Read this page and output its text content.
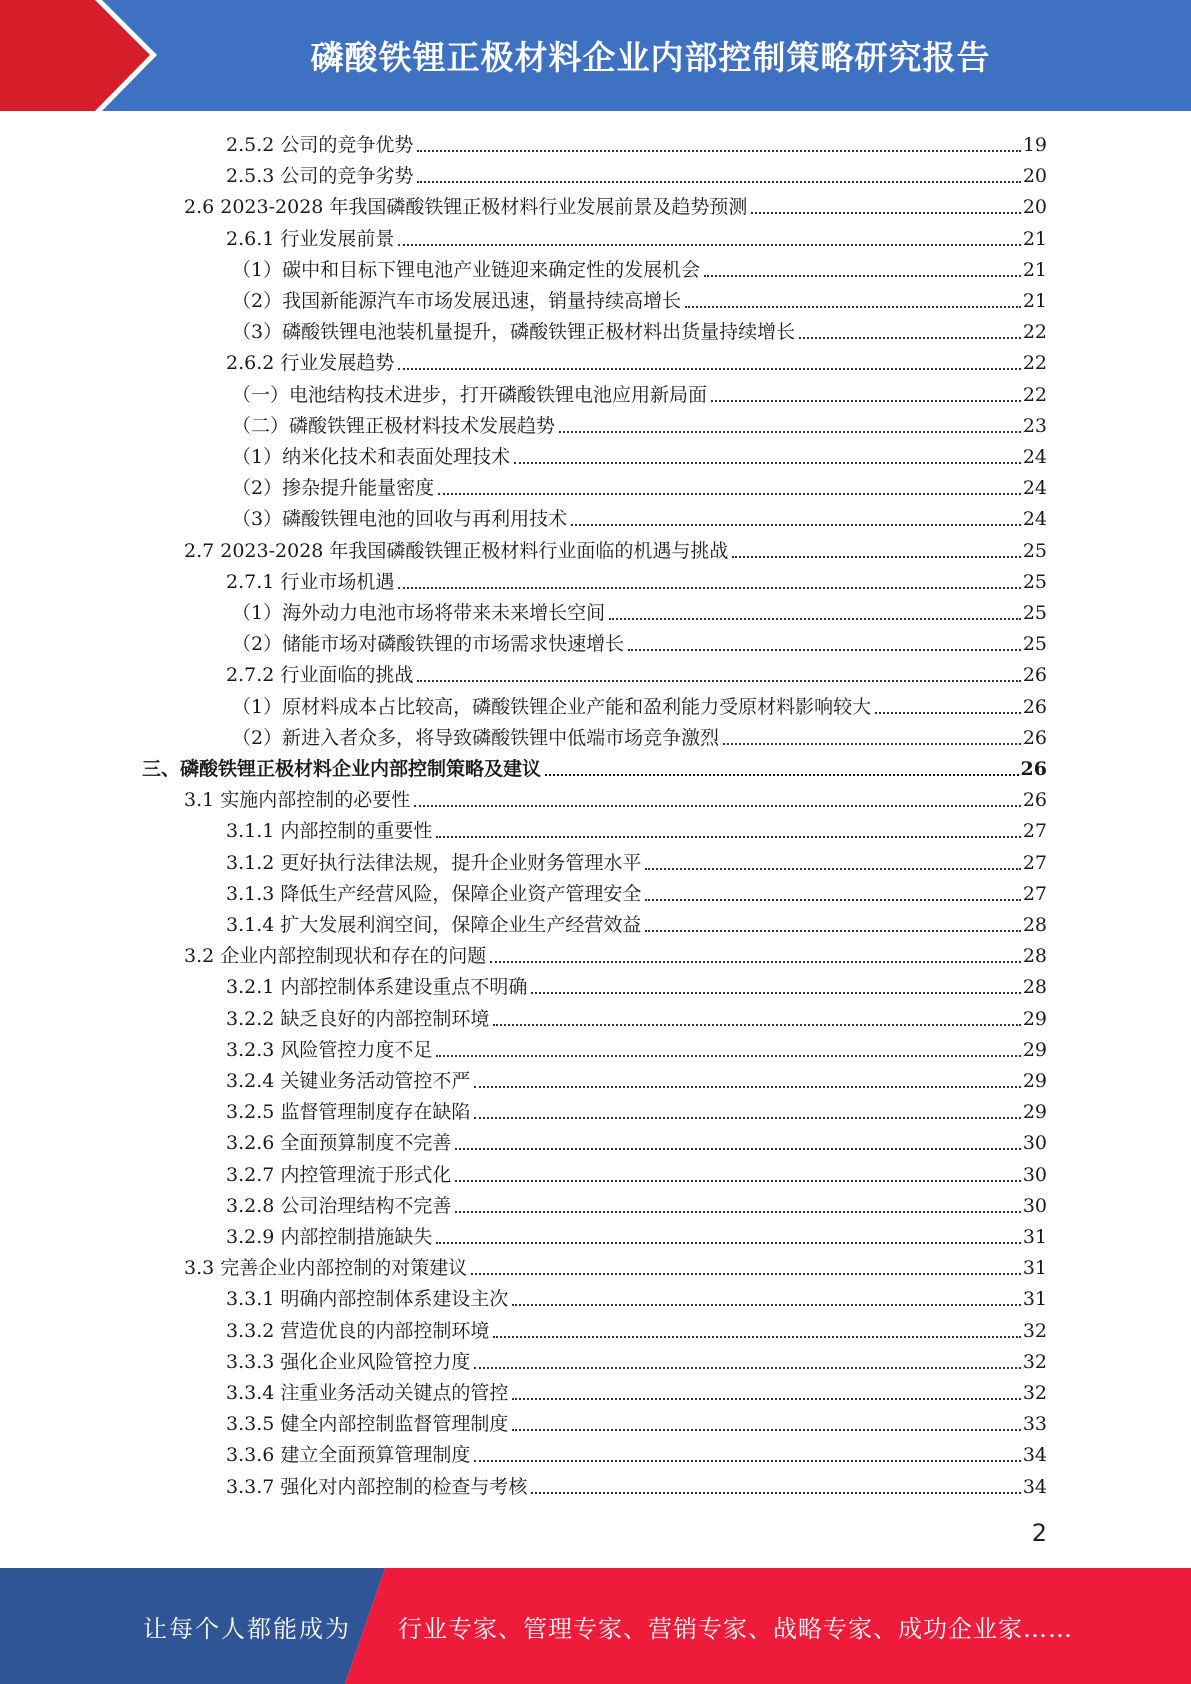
磷酸铁锂正极材料企业内部控制策略研究报告
2.5.2 公司的竞争优势	19
2.5.3 公司的竞争劣势	20
2.6 2023-2028 年我国磷酸铁锂正极材料行业发展前景及趋势预测	20
2.6.1 行业发展前景	21
（1）碳中和目标下锂电池产业链迎来确定性的发展机会	21
（2）我国新能源汽车市场发展迅速，销量持续高增长	21
（3）磷酸铁锂电池装机量提升，磷酸铁锂正极材料出货量持续增长	22
2.6.2 行业发展趋势	22
（一）电池结构技术进步，打开磷酸铁锂电池应用新局面	22
（二）磷酸铁锂正极材料技术发展趋势	23
（1）纳米化技术和表面处理技术	24
（2）掺杂提升能量密度	24
（3）磷酸铁锂电池的回收与再利用技术	24
2.7 2023-2028 年我国磷酸铁锂正极材料行业面临的机遇与挑战	25
2.7.1 行业市场机遇	25
（1）海外动力电池市场将带来未来增长空间	25
（2）储能市场对磷酸铁锂的市场需求快速增长	25
2.7.2 行业面临的挑战	26
（1）原材料成本占比较高，磷酸铁锂企业产能和盈利能力受原材料影响较大	26
（2）新进入者众多，将导致磷酸铁锂中低端市场竞争激烈	26
三、磷酸铁锂正极材料企业内部控制策略及建议	26
3.1 实施内部控制的必要性	26
3.1.1 内部控制的重要性	27
3.1.2 更好执行法律法规，提升企业财务管理水平	27
3.1.3 降低生产经营风险，保障企业资产管理安全	27
3.1.4 扩大发展利润空间，保障企业生产经营效益	28
3.2 企业内部控制现状和存在的问题	28
3.2.1 内部控制体系建设重点不明确	28
3.2.2 缺乏良好的内部控制环境	29
3.2.3 风险管控力度不足	29
3.2.4 关键业务活动管控不严	29
3.2.5 监督管理制度存在缺陷	29
3.2.6 全面预算制度不完善	30
3.2.7 内控管理流于形式化	30
3.2.8 公司治理结构不完善	30
3.2.9 内部控制措施缺失	31
3.3 完善企业内部控制的对策建议	31
3.3.1 明确内部控制体系建设主次	31
3.3.2 营造优良的内部控制环境	32
3.3.3 强化企业风险管控力度	32
3.3.4 注重业务活动关键点的管控	32
3.3.5 健全内部控制监督管理制度	33
3.3.6 建立全面预算管理制度	34
3.3.7 强化对内部控制的检查与考核	34
2
让每个人都能成为 行业专家、管理专家、营销专家、战略专家、成功企业家……
